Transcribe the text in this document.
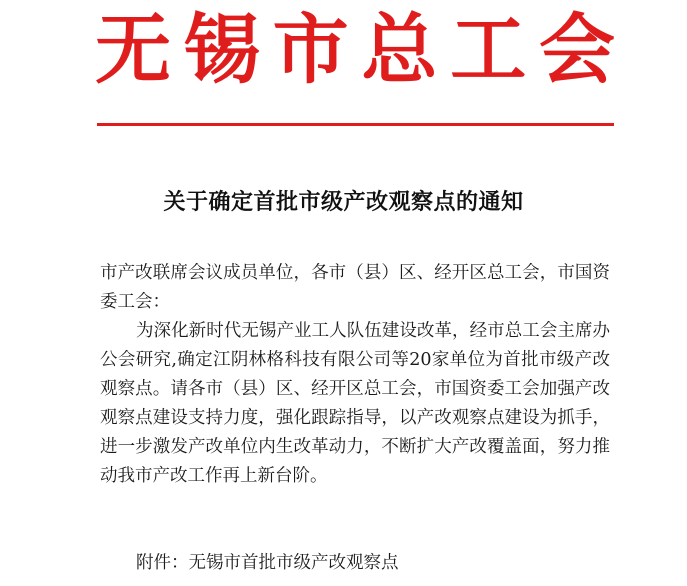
无 锡 市 总 工 会
关于确定首批市级产改观察点的通知
市产改联席会议成员单位，各市（县）区、经开区总工会，市国资委工会：
为深化新时代无锡产业工人队伍建设改革，经市总工会主席办公会研究,确定江阴林格科技有限公司等20家单位为首批市级产改观察点。请各市（县）区、经开区总工会，市国资委工会加强产改观察点建设支持力度，强化跟踪指导，以产改观察点建设为抓手，进一步激发产改单位内生改革动力，不断扩大产改覆盖面，努力推动我市产改工作再上新台阶。
附件：无锡市首批市级产改观察点
